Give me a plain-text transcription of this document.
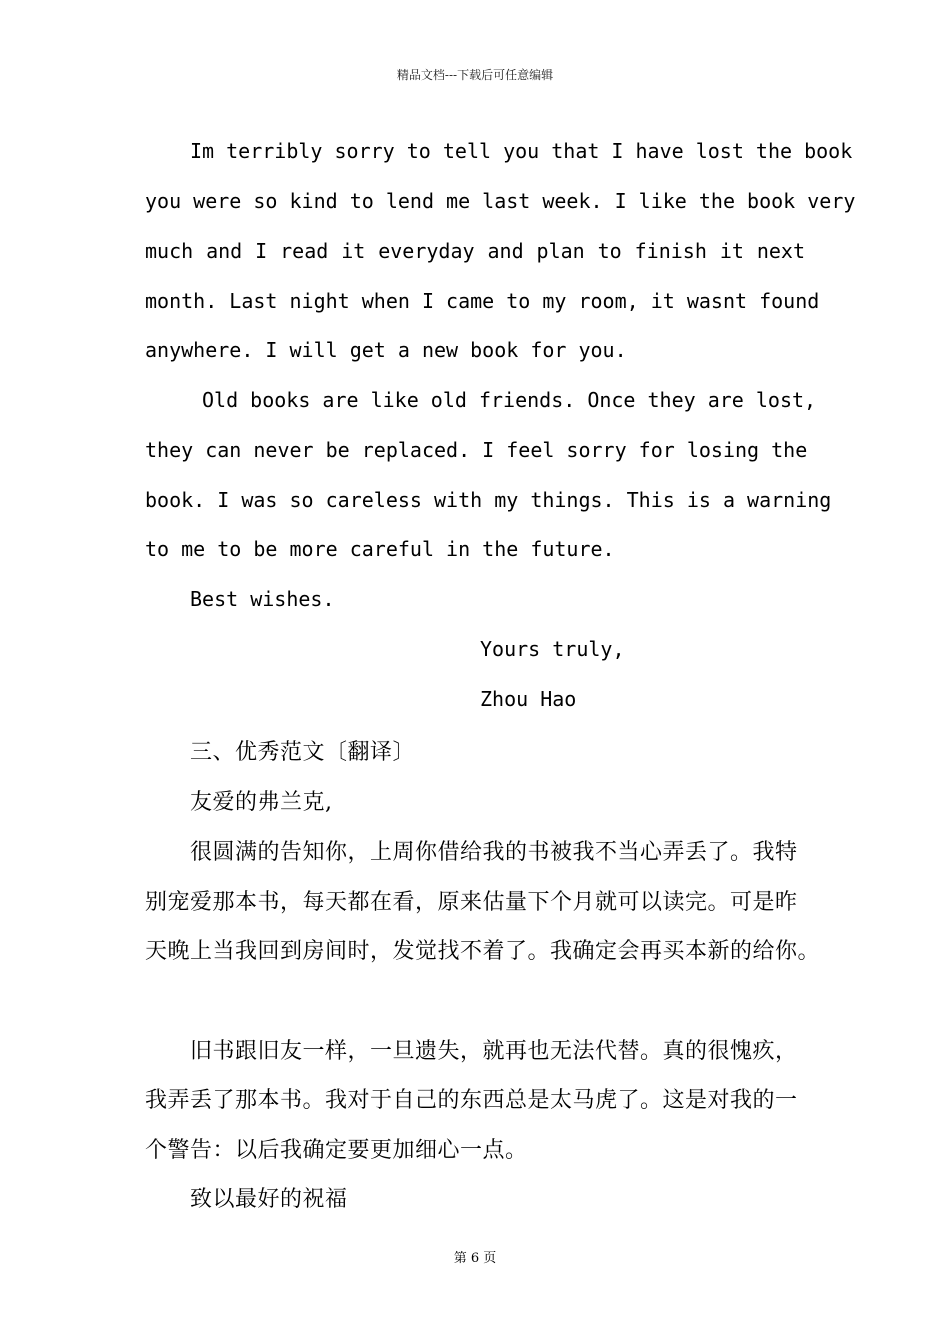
精品文档---下载后可任意编辑

Im terribly sorry to tell you that I have lost the book

you were so kind to lend me last week. I like the book very

much and I read it everyday and plan to finish it next

month. Last night when I came to my room, it wasnt found

anywhere. I will get a new book for you.

Old books are like old friends. Once they are lost,

they can never be replaced. I feel sorry for losing the

book. I was so careless with my things. This is a warning

to me to be more careful in the future.

Best wishes.

Yours truly,

Zhou Hao

三、优秀范文〔翻译〕

友爱的弗兰克,

很圆满的告知你，上周你借给我的书被我不当心弄丢了。我特

别宠爱那本书，每天都在看，原来估量下个月就可以读完。可是昨

天晚上当我回到房间时，发觉找不着了。我确定会再买本新的给你。

旧书跟旧友一样，一旦遗失，就再也无法代替。真的很愧疚，

我弄丢了那本书。我对于自己的东西总是太马虎了。这是对我的一

个警告：以后我确定要更加细心一点。

致以最好的祝福

第 6 页
